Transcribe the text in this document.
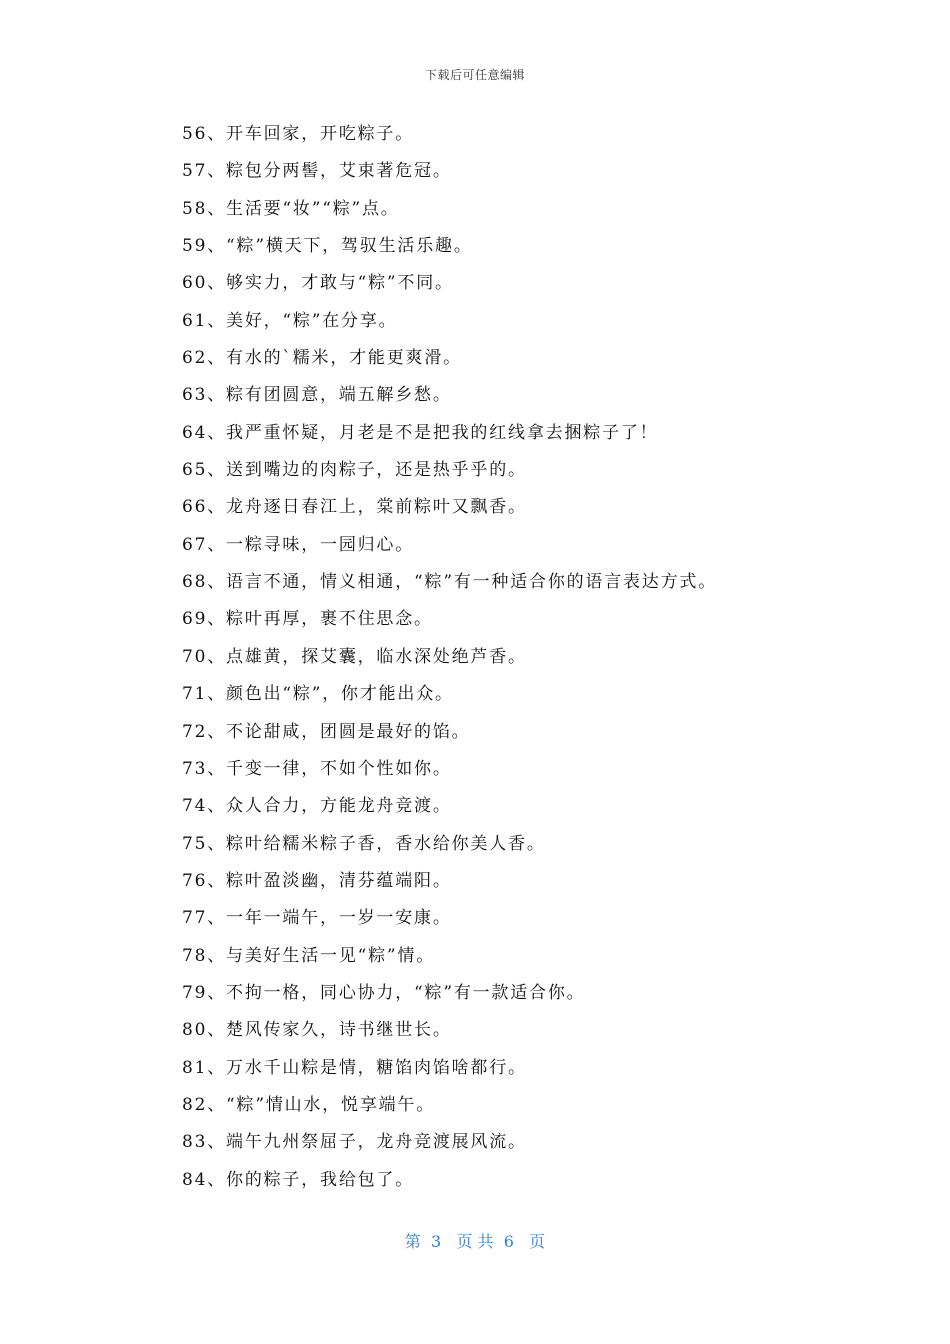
下载后可任意编辑
56、开车回家，开吃粽子。
57、粽包分两髻，艾束著危冠。
58、生活要“妆”“粽”点。
59、“粽”横天下，驾驭生活乐趣。
60、够实力，才敢与“粽”不同。
61、美好，“粽”在分享。
62、有水的`糯米，才能更爽滑。
63、粽有团圆意，端五解乡愁。
64、我严重怀疑，月老是不是把我的红线拿去捆粽子了！
65、送到嘴边的肉粽子，还是热乎乎的。
66、龙舟逐日春江上，棠前粽叶又飘香。
67、一粽寻味，一园归心。
68、语言不通，情义相通，“粽”有一种适合你的语言表达方式。
69、粽叶再厚，裹不住思念。
70、点雄黄，探艾囊，临水深处绝芦香。
71、颜色出“粽”，你才能出众。
72、不论甜咸，团圆是最好的馅。
73、千变一律，不如个性如你。
74、众人合力，方能龙舟竞渡。
75、粽叶给糯米粽子香，香水给你美人香。
76、粽叶盈淡幽，清芬蕴端阳。
77、一年一端午，一岁一安康。
78、与美好生活一见“粽”情。
79、不拘一格，同心协力，“粽”有一款适合你。
80、楚风传家久，诗书继世长。
81、万水千山粽是情，糖馅肉馅啥都行。
82、“粽”情山水，悦享端午。
83、端午九州祭屈子，龙舟竞渡展风流。
84、你的粽子，我给包了。
第  3   页 共  6   页
